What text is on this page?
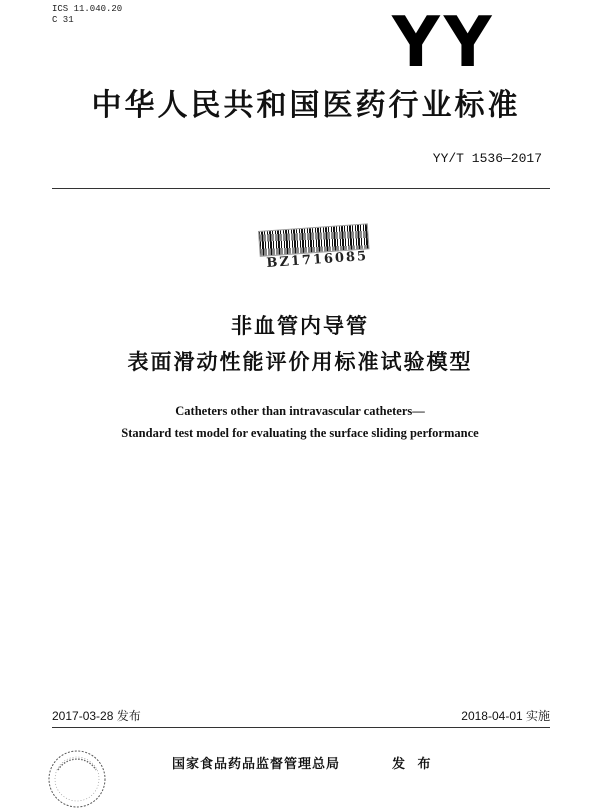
ICS 11.040.20
C 31	YY
中华人民共和国医药行业标准
YY/T 1536—2017
BZ1716085
非血管内导管
表面滑动性能评价用标准试验模型
Catheters other than intravascular catheters—
Standard test model for evaluating the surface sliding performance
2017-03-28 发布	2018-04-01 实施
国家食品药品监督管理总局	发 布
